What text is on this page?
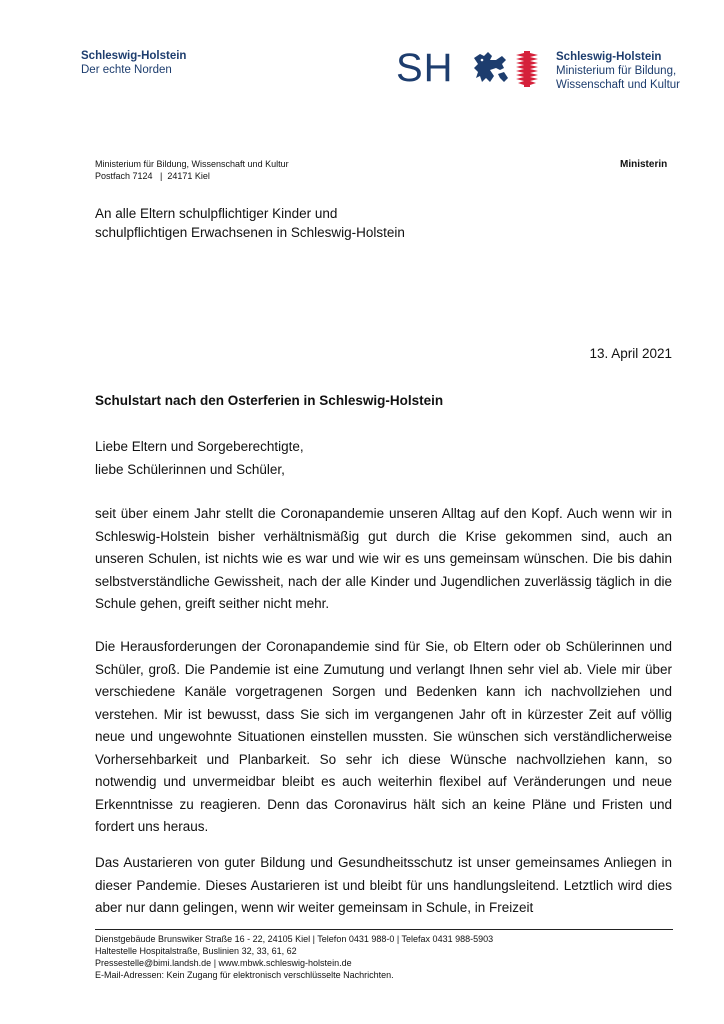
Schleswig-Holstein
Der echte Norden	SH	Schleswig-Holstein
Ministerium für Bildung,
Wissenschaft und Kultur
Ministerium für Bildung, Wissenschaft und Kultur
Postfach 7124   |  24171 Kiel
Ministerin
An alle Eltern schulpflichtiger Kinder und schulpflichtigen Erwachsenen in Schleswig-Holstein
13. April 2021
Schulstart nach den Osterferien in Schleswig-Holstein
Liebe Eltern und Sorgeberechtigte,
liebe Schülerinnen und Schüler,
seit über einem Jahr stellt die Coronapandemie unseren Alltag auf den Kopf. Auch wenn wir in Schleswig-Holstein bisher verhältnismäßig gut durch die Krise gekommen sind, auch an unseren Schulen, ist nichts wie es war und wie wir es uns gemeinsam wünschen. Die bis dahin selbstverständliche Gewissheit, nach der alle Kinder und Jugendlichen zuverlässig täglich in die Schule gehen, greift seither nicht mehr.
Die Herausforderungen der Coronapandemie sind für Sie, ob Eltern oder ob Schülerinnen und Schüler, groß. Die Pandemie ist eine Zumutung und verlangt Ihnen sehr viel ab. Viele mir über verschiedene Kanäle vorgetragenen Sorgen und Bedenken kann ich nachvollziehen und verstehen. Mir ist bewusst, dass Sie sich im vergangenen Jahr oft in kürzester Zeit auf völlig neue und ungewohnte Situationen einstellen mussten. Sie wünschen sich verständlicherweise Vorhersehbarkeit und Planbarkeit. So sehr ich diese Wünsche nachvollziehen kann, so notwendig und unvermeidbar bleibt es auch weiterhin flexibel auf Veränderungen und neue Erkenntnisse zu reagieren. Denn das Coronavirus hält sich an keine Pläne und Fristen und fordert uns heraus.
Das Austarieren von guter Bildung und Gesundheitsschutz ist unser gemeinsames Anliegen in dieser Pandemie. Dieses Austarieren ist und bleibt für uns handlungsleitend. Letztlich wird dies aber nur dann gelingen, wenn wir weiter gemeinsam in Schule, in Freizeit
Dienstgebäude Brunswiker Straße 16 - 22, 24105 Kiel | Telefon 0431 988-0 | Telefax 0431 988-5903
Haltestelle Hospitalstraße, Buslinien 32, 33, 61, 62
Pressestelle@bimi.landsh.de | www.mbwk.schleswig-holstein.de
E-Mail-Adressen: Kein Zugang für elektronisch verschlüsselte Nachrichten.
